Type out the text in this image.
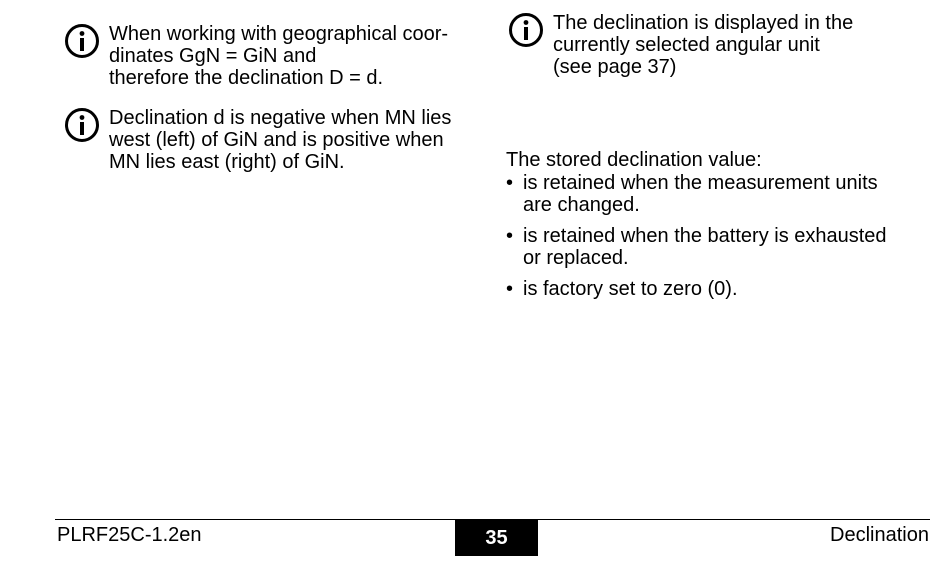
When working with geographical coor-
dinates GgN = GiN and
therefore the declination D = d.
Declination d is negative when MN lies
west (left) of GiN and is positive when
MN lies east (right) of GiN.
The declination is displayed in the
currently selected angular unit
(see page 37)
The stored declination value:
• is retained when the measurement units
are changed.
• is retained when the battery is exhausted
or replaced.
• is factory set to zero (0).
PLRF25C-1.2en	35	Declination
